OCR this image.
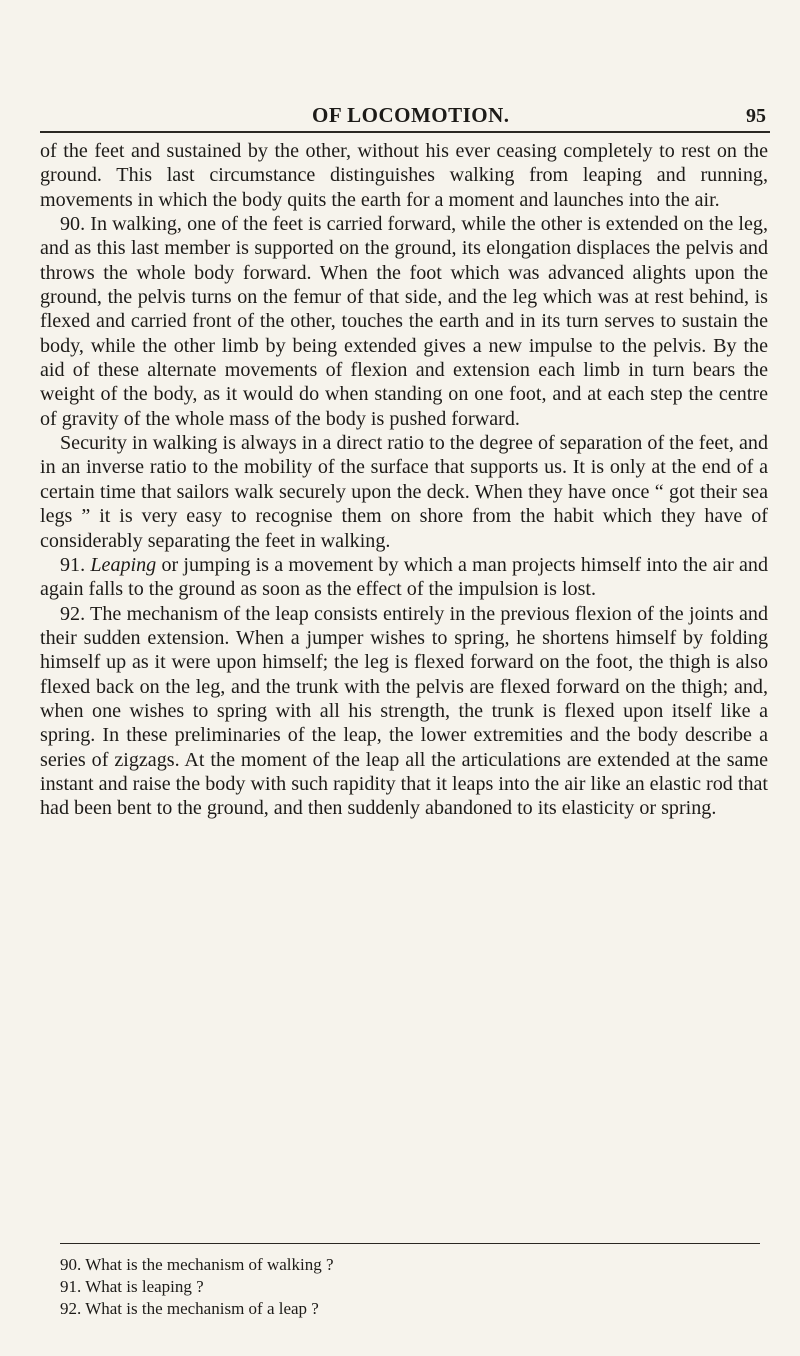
OF LOCOMOTION.	95

of the feet and sustained by the other, without his ever ceasing completely to rest on the ground. This last circumstance distinguishes walking from leaping and running, movements in which the body quits the earth for a moment and launches into the air.

90. In walking, one of the feet is carried forward, while the other is extended on the leg, and as this last member is supported on the ground, its elongation displaces the pelvis and throws the whole body forward. When the foot which was advanced alights upon the ground, the pelvis turns on the femur of that side, and the leg which was at rest behind, is flexed and carried front of the other, touches the earth and in its turn serves to sustain the body, while the other limb by being extended gives a new impulse to the pelvis. By the aid of these alternate movements of flexion and extension each limb in turn bears the weight of the body, as it would do when standing on one foot, and at each step the centre of gravity of the whole mass of the body is pushed forward.

Security in walking is always in a direct ratio to the degree of separation of the feet, and in an inverse ratio to the mobility of the surface that supports us. It is only at the end of a certain time that sailors walk securely upon the deck. When they have once “ got their sea legs ” it is very easy to recognise them on shore from the habit which they have of considerably separating the feet in walking.

91. Leaping or jumping is a movement by which a man projects himself into the air and again falls to the ground as soon as the effect of the impulsion is lost.

92. The mechanism of the leap consists entirely in the previous flexion of the joints and their sudden extension. When a jumper wishes to spring, he shortens himself by folding himself up as it were upon himself; the leg is flexed forward on the foot, the thigh is also flexed back on the leg, and the trunk with the pelvis are flexed forward on the thigh; and, when one wishes to spring with all his strength, the trunk is flexed upon itself like a spring. In these preliminaries of the leap, the lower extremities and the body describe a series of zigzags. At the moment of the leap all the articulations are extended at the same instant and raise the body with such rapidity that it leaps into the air like an elastic rod that had been bent to the ground, and then suddenly abandoned to its elasticity or spring.

90. What is the mechanism of walking ?
91. What is leaping ?
92. What is the mechanism of a leap ?
